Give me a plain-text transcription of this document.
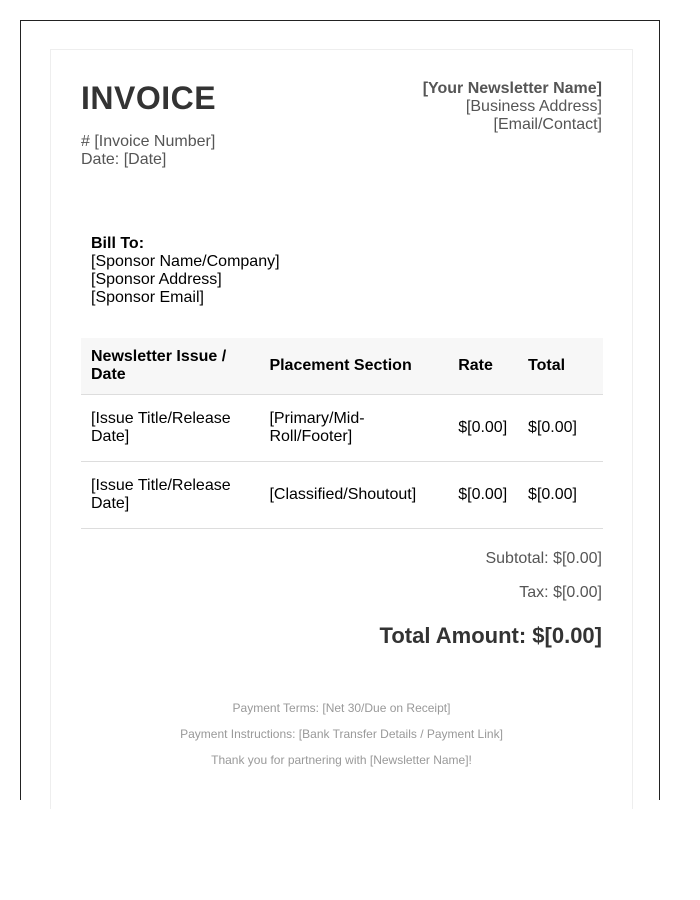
INVOICE
# [Invoice Number]
Date: [Date]
[Your Newsletter Name]
[Business Address]
[Email/Contact]
Bill To:
[Sponsor Name/Company]
[Sponsor Address]
[Sponsor Email]
Newsletter Issue / Date	Placement Section	Rate	Total
[Issue Title/Release Date]	[Primary/Mid-Roll/Footer]	$[0.00]	$[0.00]
[Issue Title/Release Date]	[Classified/Shoutout]	$[0.00]	$[0.00]
Subtotal: $[0.00]
Tax: $[0.00]
Total Amount: $[0.00]
Payment Terms: [Net 30/Due on Receipt]
Payment Instructions: [Bank Transfer Details / Payment Link]
Thank you for partnering with [Newsletter Name]!
